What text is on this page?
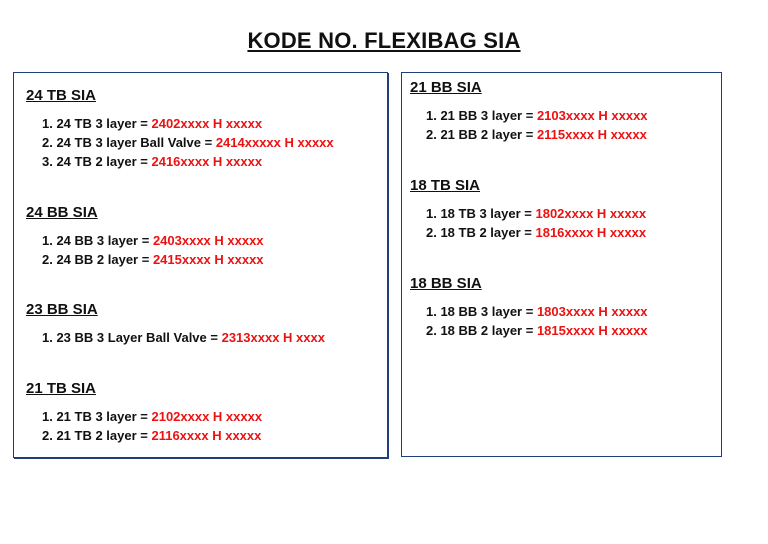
KODE NO. FLEXIBAG SIA
24 TB SIA
1. 24 TB 3 layer = 2402xxxx H xxxxx
2. 24 TB 3 layer Ball Valve = 2414xxxxx H xxxxx
3. 24 TB 2 layer = 2416xxxx H xxxxx
24 BB SIA
1. 24 BB 3 layer = 2403xxxx H xxxxx
2. 24 BB 2 layer = 2415xxxx H xxxxx
23 BB SIA
1. 23 BB 3 Layer Ball Valve = 2313xxxx H xxxx
21 TB SIA
1. 21 TB 3 layer = 2102xxxx H xxxxx
2. 21 TB 2 layer = 2116xxxx H xxxxx
21 BB SIA
1. 21 BB 3 layer = 2103xxxx H xxxxx
2. 21 BB 2 layer = 2115xxxx H xxxxx
18 TB SIA
1. 18 TB 3 layer = 1802xxxx H xxxxx
2. 18 TB 2 layer = 1816xxxx H xxxxx
18 BB SIA
1. 18 BB 3 layer = 1803xxxx H xxxxx
2. 18 BB 2 layer = 1815xxxx H xxxxx
